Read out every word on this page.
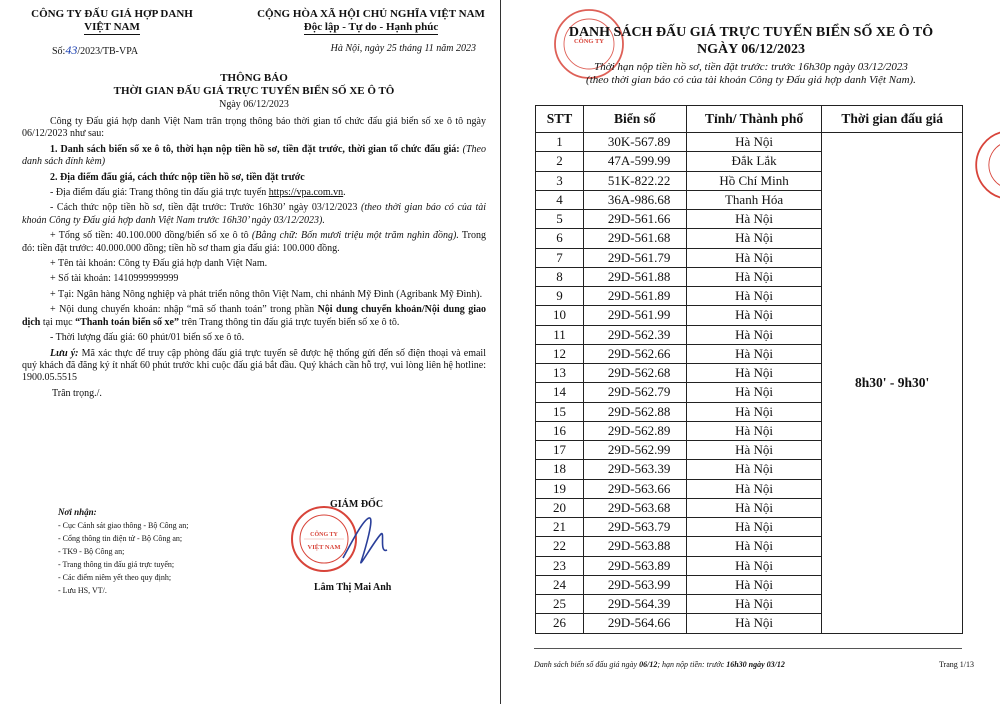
CÔNG TY ĐẤU GIÁ HỢP DANH
VIỆT NAM
CỘNG HÒA XÃ HỘI CHỦ NGHĨA VIỆT NAM
Độc lập - Tự do - Hạnh phúc
Số:43/2023/TB-VPA	Hà Nội, ngày 25 tháng 11 năm 2023
THÔNG BÁO
THỜI GIAN ĐẤU GIÁ TRỰC TUYẾN BIỂN SỐ XE Ô TÔ
Ngày 06/12/2023

Công ty Đấu giá hợp danh Việt Nam trân trọng thông báo thời gian tổ chức đấu giá biển số xe ô tô ngày 06/12/2023 như sau:

1. Danh sách biển số xe ô tô, thời hạn nộp tiền hồ sơ, tiền đặt trước, thời gian tổ chức đấu giá: (Theo danh sách đính kèm)

2. Địa điểm đấu giá, cách thức nộp tiền hồ sơ, tiền đặt trước

- Địa điểm đấu giá: Trang thông tin đấu giá trực tuyến https://vpa.com.vn.

- Cách thức nộp tiền hồ sơ, tiền đặt trước: Trước 16h30’ ngày 03/12/2023 (theo thời gian báo có của tài khoản Công ty Đấu giá hợp danh Việt Nam trước 16h30’ ngày 03/12/2023).

+ Tổng số tiền: 40.100.000 đồng/biển số xe ô tô (Bằng chữ: Bốn mươi triệu một trăm nghìn đồng). Trong đó: tiền đặt trước: 40.000.000 đồng; tiền hồ sơ tham gia đấu giá: 100.000 đồng.

+ Tên tài khoản: Công ty Đấu giá hợp danh Việt Nam.

+ Số tài khoản: 1410999999999

+ Tại: Ngân hàng Nông nghiệp và phát triển nông thôn Việt Nam, chi nhánh Mỹ Đình (Agribank Mỹ Đình).

+ Nội dung chuyển khoản: nhập “mã số thanh toán” trong phần Nội dung chuyển khoản/Nội dung giao dịch tại mục “Thanh toán biển số xe” trên Trang thông tin đấu giá trực tuyến biển số xe ô tô.

- Thời lượng đấu giá: 60 phút/01 biển số xe ô tô.

Lưu ý: Mã xác thực để truy cập phòng đấu giá trực tuyến sẽ được hệ thống gửi đến số điện thoại và email quý khách đã đăng ký ít nhất 60 phút trước khi cuộc đấu giá bắt đầu. Quý khách cần hỗ trợ, vui lòng liên hệ hotline: 1900.05.5515

Trân trọng./.
Nơi nhận:
- Cục Cảnh sát giao thông - Bộ Công an;
- Cổng thông tin điện tử - Bộ Công an;
- TK9 - Bộ Công an;
- Trang thông tin đấu giá trực tuyến;
- Các điểm niêm yết theo quy định;
- Lưu HS, VT/.
CÔNG TY
VIỆT NAM
GIÁM ĐỐC
Lâm Thị Mai Anh
CÔNG TY
DANH SÁCH ĐẤU GIÁ TRỰC TUYẾN BIỂN SỐ XE Ô TÔ
NGÀY 06/12/2023
Thời hạn nộp tiền hồ sơ, tiền đặt trước: trước 16h30p ngày 03/12/2023
(theo thời gian báo có của tài khoản Công ty Đấu giá hợp danh Việt Nam).
STT	Biển số	Tỉnh/ Thành phố	Thời gian đấu giá
1	30K-567.89	Hà Nội	8h30' - 9h30'
2	47A-599.99	Đắk Lắk	
3	51K-822.22	Hồ Chí Minh	
4	36A-986.68	Thanh Hóa	
5	29D-561.66	Hà Nội	
6	29D-561.68	Hà Nội	
7	29D-561.79	Hà Nội	
8	29D-561.88	Hà Nội	
9	29D-561.89	Hà Nội	
10	29D-561.99	Hà Nội	
11	29D-562.39	Hà Nội	
12	29D-562.66	Hà Nội	
13	29D-562.68	Hà Nội	
14	29D-562.79	Hà Nội	
15	29D-562.88	Hà Nội	
16	29D-562.89	Hà Nội	
17	29D-562.99	Hà Nội	
18	29D-563.39	Hà Nội	
19	29D-563.66	Hà Nội	
20	29D-563.68	Hà Nội	
21	29D-563.79	Hà Nội	
22	29D-563.88	Hà Nội	
23	29D-563.89	Hà Nội	
24	29D-563.99	Hà Nội	
25	29D-564.39	Hà Nội	
26	29D-564.66	Hà Nội	
Danh sách biển số đấu giá ngày 06/12; hạn nộp tiền: trước 16h30 ngày 03/12	Trang 1/13
